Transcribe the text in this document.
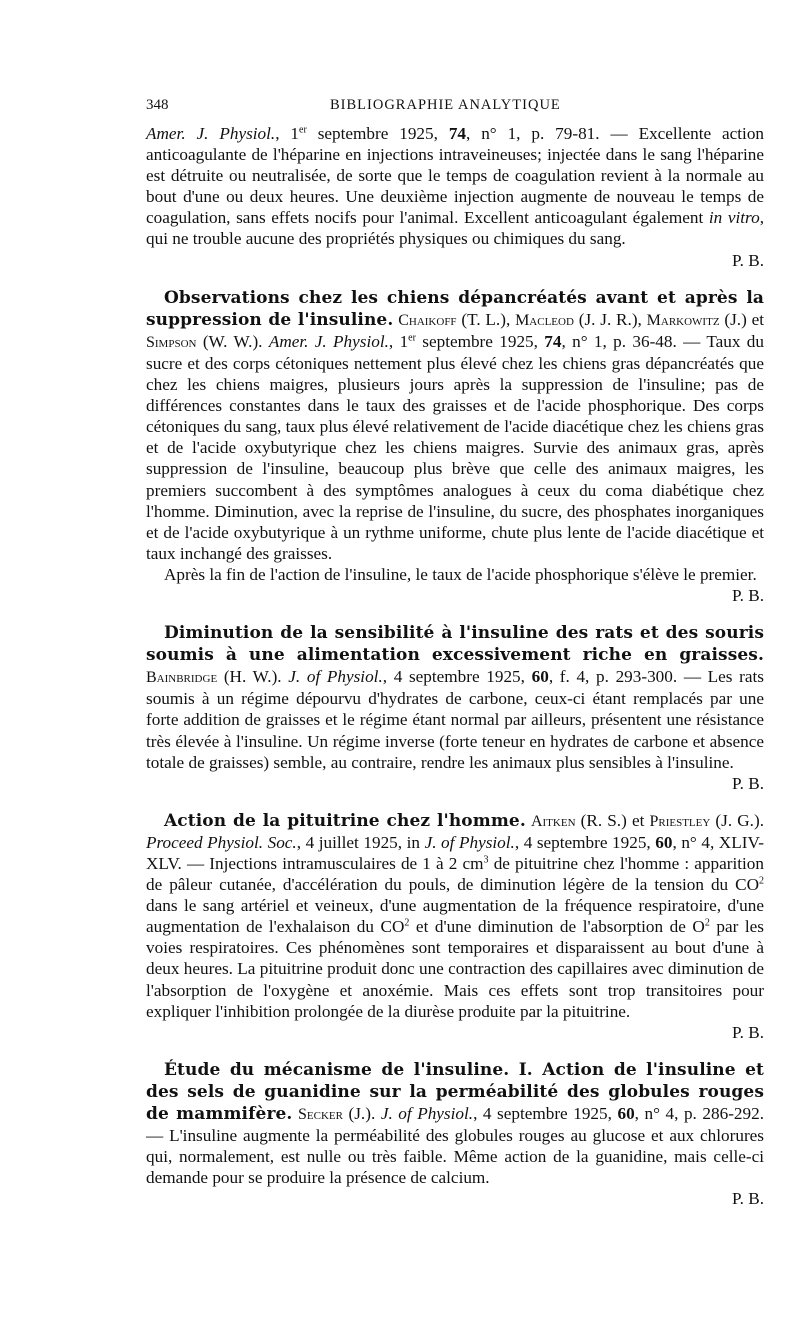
348	BIBLIOGRAPHIE ANALYTIQUE

Amer. J. Physiol., 1er septembre 1925, 74, n° 1, p. 79-81. — Excellente action anticoagulante de l'héparine en injections intraveineuses; injectée dans le sang l'héparine est détruite ou neutralisée, de sorte que le temps de coagulation revient à la normale au bout d'une ou deux heures. Une deuxième injection augmente de nouveau le temps de coagulation, sans effets nocifs pour l'animal. Excellent anticoagulant également in vitro, qui ne trouble aucune des propriétés physiques ou chimiques du sang.
P. B.

Observations chez les chiens dépancréatés avant et après la suppression de l'insuline. Chaikoff (T. L.), Macleod (J. J. R.), Markowitz (J.) et Simpson (W. W.). Amer. J. Physiol., 1er septembre 1925, 74, n° 1, p. 36-48. — Taux du sucre et des corps cétoniques nettement plus élevé chez les chiens gras dépancréatés que chez les chiens maigres, plusieurs jours après la suppression de l'insuline; pas de différences constantes dans le taux des graisses et de l'acide phosphorique. Des corps cétoniques du sang, taux plus élevé relativement de l'acide diacétique chez les chiens gras et de l'acide oxybutyrique chez les chiens maigres. Survie des animaux gras, après suppression de l'insuline, beaucoup plus brève que celle des animaux maigres, les premiers succombent à des symptômes analogues à ceux du coma diabétique chez l'homme. Diminution, avec la reprise de l'insuline, du sucre, des phosphates inorganiques et de l'acide oxybutyrique à un rythme uniforme, chute plus lente de l'acide diacétique et taux inchangé des graisses.

Après la fin de l'action de l'insuline, le taux de l'acide phosphorique s'élève le premier.
P. B.

Diminution de la sensibilité à l'insuline des rats et des souris soumis à une alimentation excessivement riche en graisses. Bainbridge (H. W.). J. of Physiol., 4 septembre 1925, 60, f. 4, p. 293-300. — Les rats soumis à un régime dépourvu d'hydrates de carbone, ceux-ci étant remplacés par une forte addition de graisses et le régime étant normal par ailleurs, présentent une résistance très élevée à l'insuline. Un régime inverse (forte teneur en hydrates de carbone et absence totale de graisses) semble, au contraire, rendre les animaux plus sensibles à l'insuline.
P. B.

Action de la pituitrine chez l'homme. Aitken (R. S.) et Priestley (J. G.). Proceed Physiol. Soc., 4 juillet 1925, in J. of Physiol., 4 septembre 1925, 60, n° 4, XLIV-XLV. — Injections intramusculaires de 1 à 2 $cm^3$ de pituitrine chez l'homme : apparition de pâleur cutanée, d'accélération du pouls, de diminution légère de la tension du $CO^2$ dans le sang artériel et veineux, d'une augmentation de la fréquence respiratoire, d'une augmentation de l'exhalaison du $CO^2$ et d'une diminution de l'absorption de $O^2$ par les voies respiratoires. Ces phénomènes sont temporaires et disparaissent au bout d'une à deux heures. La pituitrine produit donc une contraction des capillaires avec diminution de l'absorption de l'oxygène et anoxémie. Mais ces effets sont trop transitoires pour expliquer l'inhibition prolongée de la diurèse produite par la pituitrine.
P. B.

Étude du mécanisme de l'insuline. I. Action de l'insuline et des sels de guanidine sur la perméabilité des globules rouges de mammifère. Secker (J.). J. of Physiol., 4 septembre 1925, 60, n° 4, p. 286-292. — L'insuline augmente la perméabilité des globules rouges au glucose et aux chlorures qui, normalement, est nulle ou très faible. Même action de la guanidine, mais celle-ci demande pour se produire la présence de calcium.
P. B.
